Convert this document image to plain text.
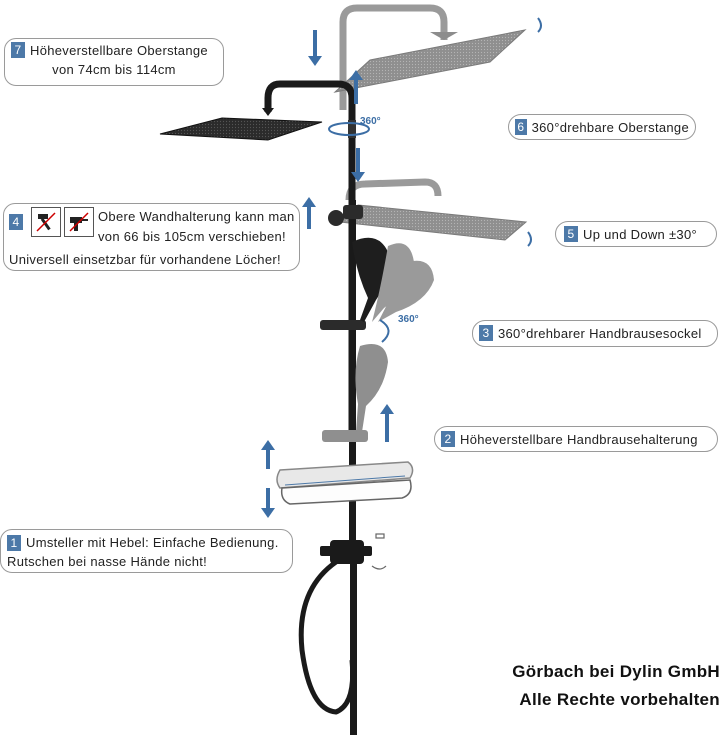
360°
360°
7 Höheverstellbare Oberstange
von 74cm bis 114cm
6 360°drehbare Oberstange
5 Up und Down ±30°
4	Obere Wandhalterung kann man
von 66 bis 105cm verschieben!
Universell einsetzbar für vorhandene Löcher!
3 360°drehbarer Handbrausesockel
2 Höheverstellbare Handbrausehalterung
1 Umsteller mit Hebel: Einfache Bedienung.
Rutschen bei nasse Hände nicht!
Görbach bei Dylin GmbH
Alle Rechte vorbehalten
